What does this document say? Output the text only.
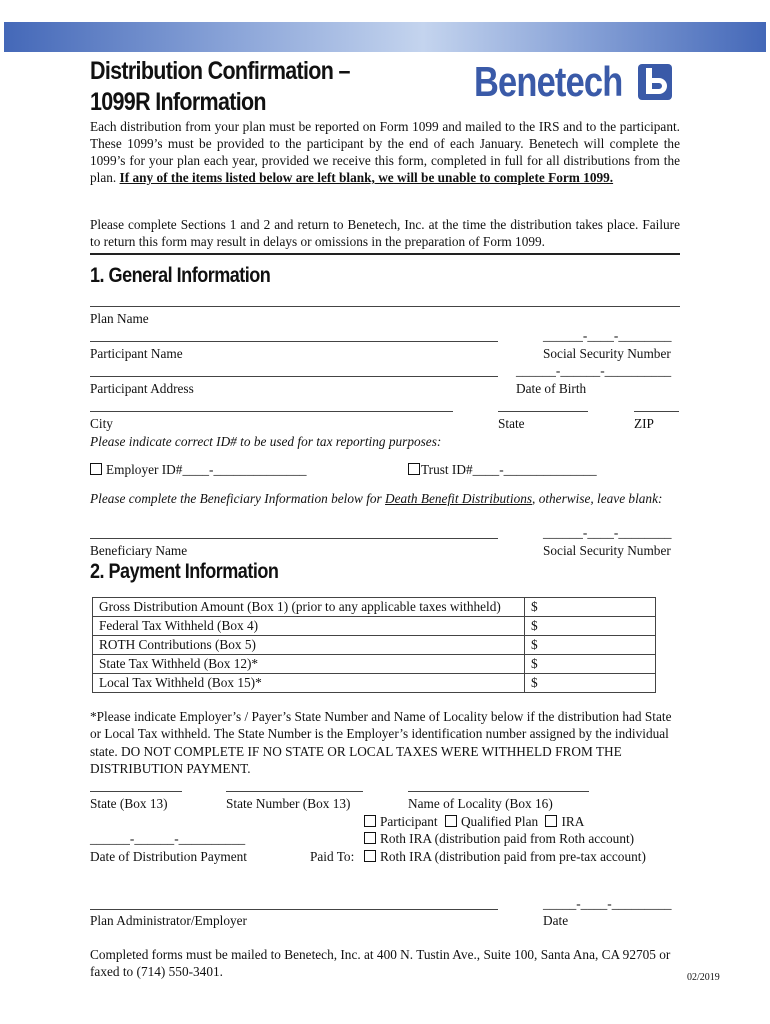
Distribution Confirmation –
1099R Information	Benetech
Each distribution from your plan must be reported on Form 1099 and mailed to the IRS and to the participant. These 1099’s must be provided to the participant by the end of each January. Benetech will complete the 1099’s for your plan each year, provided we receive this form, completed in full for all distributions from the plan. If any of the items listed below are left blank, we will be unable to complete Form 1099.
Please complete Sections 1 and 2 and return to Benetech, Inc. at the time the distribution takes place. Failure to return this form may result in delays or omissions in the preparation of Form 1099.
1. General Information
Plan Name
______-____-________
Participant Name	Social Security Number
______-______-__________
Participant Address	Date of Birth
City	State	ZIP
Please indicate correct ID# to be used for tax reporting purposes:
Employer ID#____-______________	Trust ID#____-______________
Please complete the Beneficiary Information below for Death Benefit Distributions, otherwise, leave blank:
______-____-________
Beneficiary Name	Social Security Number
2. Payment Information
Gross Distribution Amount (Box 1) (prior to any applicable taxes withheld)	$
Federal Tax Withheld (Box 4)	$
ROTH Contributions (Box 5)	$
State Tax Withheld (Box 12)*	$
Local Tax Withheld (Box 15)*	$
*Please indicate Employer’s / Payer’s State Number and Name of Locality below if the distribution had State or Local Tax withheld. The State Number is the Employer’s identification number assigned by the individual state. DO NOT COMPLETE IF NO STATE OR LOCAL TAXES WERE WITHHELD FROM THE DISTRIBUTION PAYMENT.
State (Box 13)	State Number (Box 13)	Name of Locality (Box 16)
Participant Qualified Plan IRA
______-______-__________	Roth IRA (distribution paid from Roth account)
Date of Distribution Payment	Paid To:	Roth IRA (distribution paid from pre-tax account)
_____-____-_________
Plan Administrator/Employer	Date
Completed forms must be mailed to Benetech, Inc. at 400 N. Tustin Ave., Suite 100, Santa Ana, CA 92705 or faxed to (714) 550-3401.	02/2019
